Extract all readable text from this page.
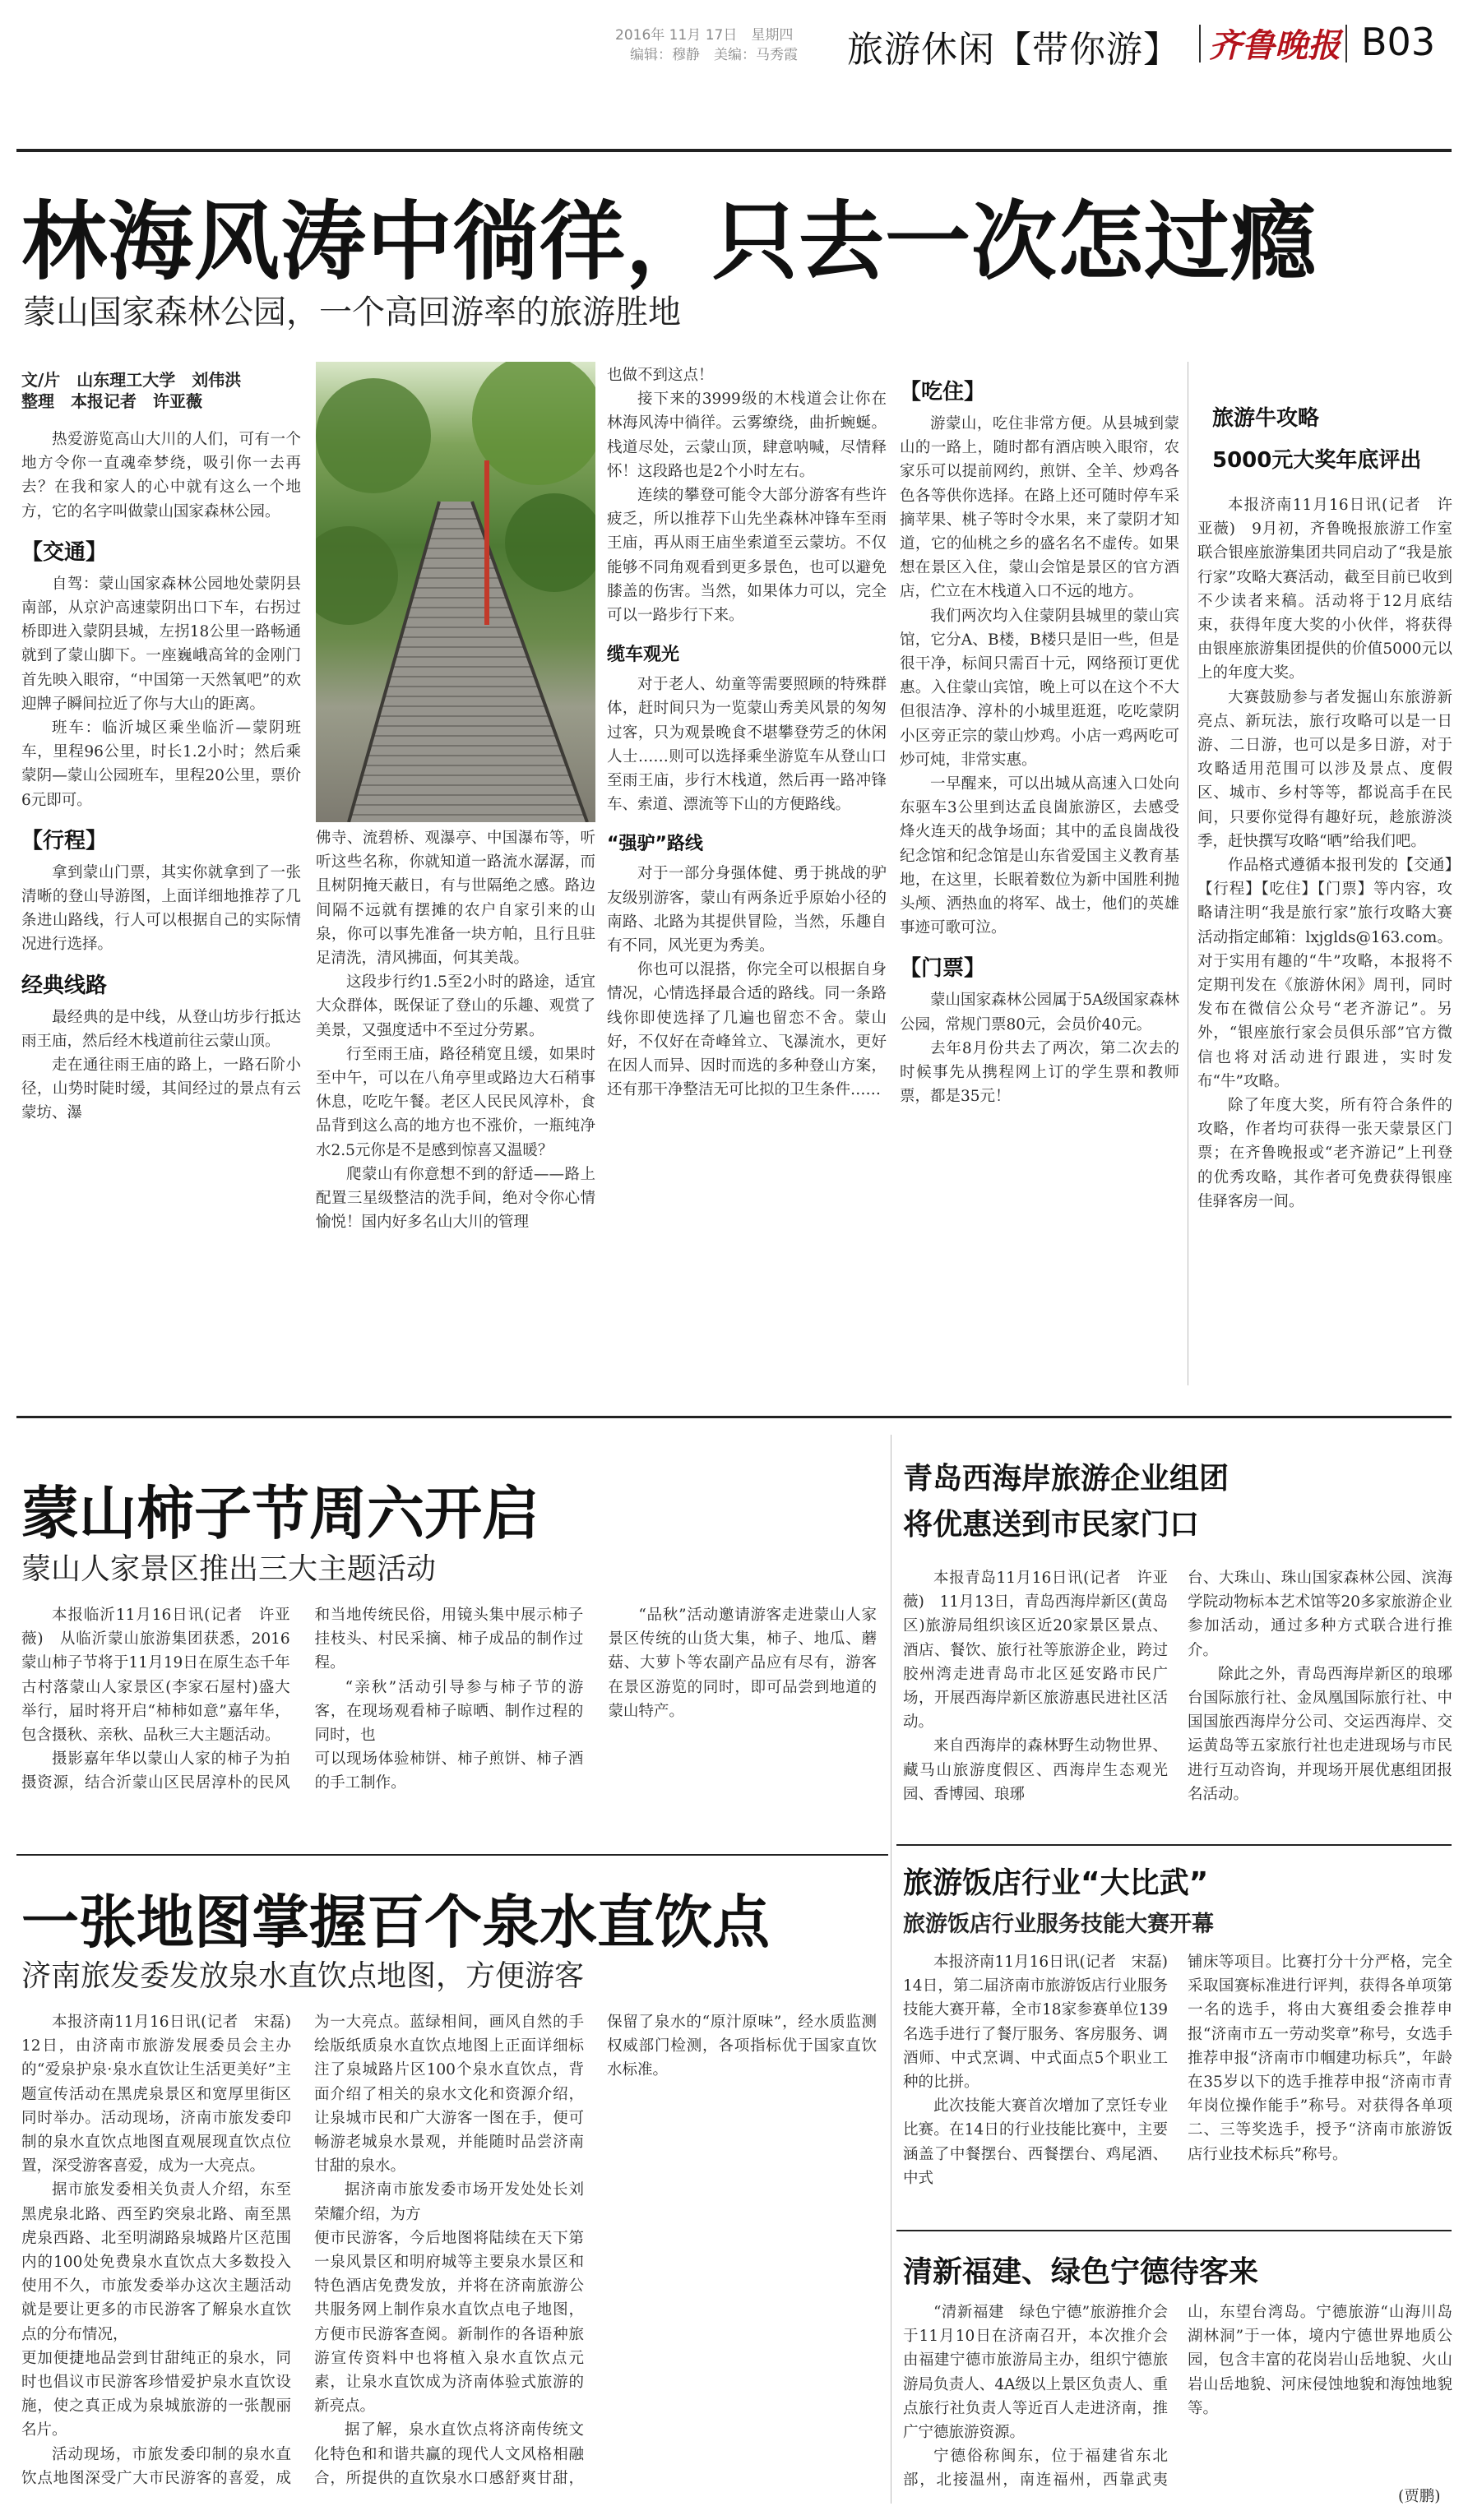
2016年 11月 17日　星期四
编辑：穆静　美编：马秀霞 旅游休闲【带你游】 齐鲁晚报 B03
林海风涛中徜徉，只去一次怎过瘾
蒙山国家森林公园，一个高回游率的旅游胜地
文/片　山东理工大学　刘伟洪
整理　本报记者　许亚薇

热爱游览高山大川的人们，可有一个地方令你一直魂牵梦绕，吸引你一去再去？在我和家人的心中就有这么一个地方，它的名字叫做蒙山国家森林公园。

【交通】

自驾：蒙山国家森林公园地处蒙阴县南部，从京沪高速蒙阴出口下车，右拐过桥即进入蒙阴县城，左拐18公里一路畅通就到了蒙山脚下。一座巍峨高耸的金刚门首先映入眼帘，“中国第一天然氧吧”的欢迎牌子瞬间拉近了你与大山的距离。

班车：临沂城区乘坐临沂—蒙阴班车，里程96公里，时长1.2小时；然后乘蒙阴—蒙山公园班车，里程20公里，票价6元即可。

【行程】

拿到蒙山门票，其实你就拿到了一张清晰的登山导游图，上面详细地推荐了几条进山路线，行人可以根据自己的实际情况进行选择。

经典线路

最经典的是中线，从登山坊步行抵达雨王庙，然后经木栈道前往云蒙山顶。

走在通往雨王庙的路上，一路石阶小径，山势时陡时缓，其间经过的景点有云蒙坊、瀑

佛寺、流碧桥、观瀑亭、中国瀑布等，听听这些名称，你就知道一路流水潺潺，而且树阴掩天蔽日，有与世隔绝之感。路边间隔不远就有摆摊的农户自家引来的山泉，你可以事先准备一块方帕，且行且驻足清洗，清风拂面，何其美哉。

这段步行约1.5至2小时的路途，适宜大众群体，既保证了登山的乐趣、观赏了美景，又强度适中不至过分劳累。

行至雨王庙，路径稍宽且缓，如果时至中午，可以在八角亭里或路边大石稍事休息，吃吃午餐。老区人民民风淳朴，食品背到这么高的地方也不涨价，一瓶纯净水2.5元你是不是感到惊喜又温暖？

爬蒙山有你意想不到的舒适——路上配置三星级整洁的洗手间，绝对令你心情愉悦！国内好多名山大川的管理

也做不到这点！

接下来的3999级的木栈道会让你在林海风涛中徜徉。云雾缭绕，曲折蜿蜒。栈道尽处，云蒙山顶，肆意呐喊，尽情释怀！这段路也是2个小时左右。

连续的攀登可能令大部分游客有些许疲乏，所以推荐下山先坐森林冲锋车至雨王庙，再从雨王庙坐索道至云蒙坊。不仅能够不同角观看到更多景色，也可以避免膝盖的伤害。当然，如果体力可以，完全可以一路步行下来。

缆车观光

对于老人、幼童等需要照顾的特殊群体，赶时间只为一览蒙山秀美风景的匆匆过客，只为观景晚食不堪攀登劳乏的休闲人士……则可以选择乘坐游览车从登山口至雨王庙，步行木栈道，然后再一路冲锋车、索道、漂流等下山的方便路线。

“强驴”路线

对于一部分身强体健、勇于挑战的驴友级别游客，蒙山有两条近乎原始小径的南路、北路为其提供冒险，当然，乐趣自有不同，风光更为秀美。

你也可以混搭，你完全可以根据自身情况，心情选择最合适的路线。同一条路线你即使选择了几遍也留恋不舍。蒙山好，不仅好在奇峰耸立、飞瀑流水，更好在因人而异、因时而选的多种登山方案，还有那干净整洁无可比拟的卫生条件……

【吃住】

游蒙山，吃住非常方便。从县城到蒙山的一路上，随时都有酒店映入眼帘，农家乐可以提前网约，煎饼、全羊、炒鸡各色各等供你选择。在路上还可随时停车采摘苹果、桃子等时令水果，来了蒙阴才知道，它的仙桃之乡的盛名名不虚传。如果想在景区入住，蒙山会馆是景区的官方酒店，伫立在木栈道入口不远的地方。

我们两次均入住蒙阴县城里的蒙山宾馆，它分A、B楼，B楼只是旧一些，但是很干净，标间只需百十元，网络预订更优惠。入住蒙山宾馆，晚上可以在这个不大但很洁净、淳朴的小城里逛逛，吃吃蒙阴小区旁正宗的蒙山炒鸡。小店一鸡两吃可炒可炖，非常实惠。

一早醒来，可以出城从高速入口处向东驱车3公里到达孟良崮旅游区，去感受烽火连天的战争场面；其中的孟良崮战役纪念馆和纪念馆是山东省爱国主义教育基地，在这里，长眠着数位为新中国胜利抛头颅、洒热血的将军、战士，他们的英雄事迹可歌可泣。

【门票】

蒙山国家森林公园属于5A级国家森林公园，常规门票80元，会员价40元。

去年8月份共去了两次，第二次去的时候事先从携程网上订的学生票和教师票，都是35元！

旅游牛攻略
5000元大奖年底评出

本报济南11月16日讯(记者　许亚薇)　9月初，齐鲁晚报旅游工作室联合银座旅游集团共同启动了“我是旅行家”攻略大赛活动，截至目前已收到不少读者来稿。活动将于12月底结束，获得年度大奖的小伙伴，将获得由银座旅游集团提供的价值5000元以上的年度大奖。

大赛鼓励参与者发掘山东旅游新亮点、新玩法，旅行攻略可以是一日游、二日游，也可以是多日游，对于攻略适用范围可以涉及景点、度假区、城市、乡村等等，都说高手在民间，只要你觉得有趣好玩，趁旅游淡季，赶快撰写攻略“晒”给我们吧。

作品格式遵循本报刊发的【交通】【行程】【吃住】【门票】等内容，攻略请注明“我是旅行家”旅行攻略大赛活动指定邮箱：lxjglds@163.com。对于实用有趣的“牛”攻略，本报将不定期刊发在《旅游休闲》周刊，同时发布在微信公众号“老齐游记”。另外，“银座旅行家会员俱乐部”官方微信也将对活动进行跟进，实时发布“牛”攻略。

除了年度大奖，所有符合条件的攻略，作者均可获得一张天蒙景区门票；在齐鲁晚报或“老齐游记”上刊登的优秀攻略，其作者可免费获得银座佳驿客房一间。

蒙山柿子节周六开启
蒙山人家景区推出三大主题活动

本报临沂11月16日讯(记者　许亚薇)　从临沂蒙山旅游集团获悉，2016蒙山柿子节将于11月19日在原生态千年古村落蒙山人家景区(李家石屋村)盛大举行，届时将开启“柿柿如意”嘉年华，包含摄秋、亲秋、品秋三大主题活动。

摄影嘉年华以蒙山人家的柿子为拍摄资源，结合沂蒙山区民居淳朴的民风和当地传统民俗，用镜头集中展示柿子挂枝头、村民采摘、柿子成品的制作过程。

“亲秋”活动引导参与柿子节的游客，在现场观看柿子晾晒、制作过程的同时，也

可以现场体验柿饼、柿子煎饼、柿子酒的手工制作。

“品秋”活动邀请游客走进蒙山人家景区传统的山货大集，柿子、地瓜、蘑菇、大萝卜等农副产品应有尽有，游客在景区游览的同时，即可品尝到地道的蒙山特产。

一张地图掌握百个泉水直饮点
济南旅发委发放泉水直饮点地图，方便游客

本报济南11月16日讯(记者　宋磊)　12日，由济南市旅游发展委员会主办的“爱泉护泉·泉水直饮让生活更美好”主题宣传活动在黑虎泉景区和宽厚里街区同时举办。活动现场，济南市旅发委印制的泉水直饮点地图直观展现直饮点位置，深受游客喜爱，成为一大亮点。

据市旅发委相关负责人介绍，东至黑虎泉北路、西至趵突泉北路、南至黑虎泉西路、北至明湖路泉城路片区范围内的100处免费泉水直饮点大多数投入使用不久，市旅发委举办这次主题活动就是要让更多的市民游客了解泉水直饮点的分布情况，

更加便捷地品尝到甘甜纯正的泉水，同时也倡议市民游客珍惜爱护泉水直饮设施，使之真正成为泉城旅游的一张靓丽名片。

活动现场，市旅发委印制的泉水直饮点地图深受广大市民游客的喜爱，成为一大亮点。蓝绿相间，画风自然的手绘版纸质泉水直饮点地图上正面详细标注了泉城路片区100个泉水直饮点，背面介绍了相关的泉水文化和资源介绍，让泉城市民和广大游客一图在手，便可畅游老城泉水景观，并能随时品尝济南甘甜的泉水。

据济南市旅发委市场开发处处长刘荣耀介绍，为方

便市民游客，今后地图将陆续在天下第一泉风景区和明府城等主要泉水景区和特色酒店免费发放，并将在济南旅游公共服务网上制作泉水直饮点电子地图，方便市民游客查阅。新制作的各语种旅游宣传资料中也将植入泉水直饮点元素，让泉水直饮成为济南体验式旅游的新亮点。

据了解，泉水直饮点将济南传统文化特色和和谐共赢的现代人文风格相融合，所提供的直饮泉水口感舒爽甘甜，保留了泉水的“原汁原味”，经水质监测权威部门检测，各项指标优于国家直饮水标准。

青岛西海岸旅游企业组团
将优惠送到市民家门口

本报青岛11月16日讯(记者　许亚薇)　11月13日，青岛西海岸新区(黄岛区)旅游局组织该区近20家景区景点、酒店、餐饮、旅行社等旅游企业，跨过胶州湾走进青岛市北区延安路市民广场，开展西海岸新区旅游惠民进社区活动。

来自西海岸的森林野生动物世界、藏马山旅游度假区、西海岸生态观光园、香博园、琅琊

台、大珠山、珠山国家森林公园、滨海学院动物标本艺术馆等20多家旅游企业参加活动，通过多种方式联合进行推介。

除此之外，青岛西海岸新区的琅琊台国际旅行社、金凤凰国际旅行社、中国国旅西海岸分公司、交运西海岸、交运黄岛等五家旅行社也走进现场与市民进行互动咨询，并现场开展优惠组团报名活动。

旅游饭店行业“大比武”
旅游饭店行业服务技能大赛开幕

本报济南11月16日讯(记者　宋磊)　14日，第二届济南市旅游饭店行业服务技能大赛开幕，全市18家参赛单位139名选手进行了餐厅服务、客房服务、调酒师、中式烹调、中式面点5个职业工种的比拼。

此次技能大赛首次增加了烹饪专业比赛。在14日的行业技能比赛中，主要涵盖了中餐摆台、西餐摆台、鸡尾酒、中式

铺床等项目。比赛打分十分严格，完全采取国赛标准进行评判，获得各单项第一名的选手，将由大赛组委会推荐申报“济南市五一劳动奖章”称号，女选手推荐申报“济南市巾帼建功标兵”，年龄在35岁以下的选手推荐申报“济南市青年岗位操作能手”称号。对获得各单项二、三等奖选手，授予“济南市旅游饭店行业技术标兵”称号。

清新福建、绿色宁德待客来

“清新福建　绿色宁德”旅游推介会于11月10日在济南召开，本次推介会由福建宁德市旅游局主办，组织宁德旅游局负责人、4A级以上景区负责人、重点旅行社负责人等近百人走进济南，推广宁德旅游资源。

宁德俗称闽东，位于福建省东北部，北接温州，南连福州，西靠武夷山，东望台湾岛。宁德旅游“山海川岛湖林洞”于一体，境内宁德世界地质公园，包含丰富的花岗岩山岳地貌、火山岩山岳地貌、河床侵蚀地貌和海蚀地貌等。

(贾鹏)
